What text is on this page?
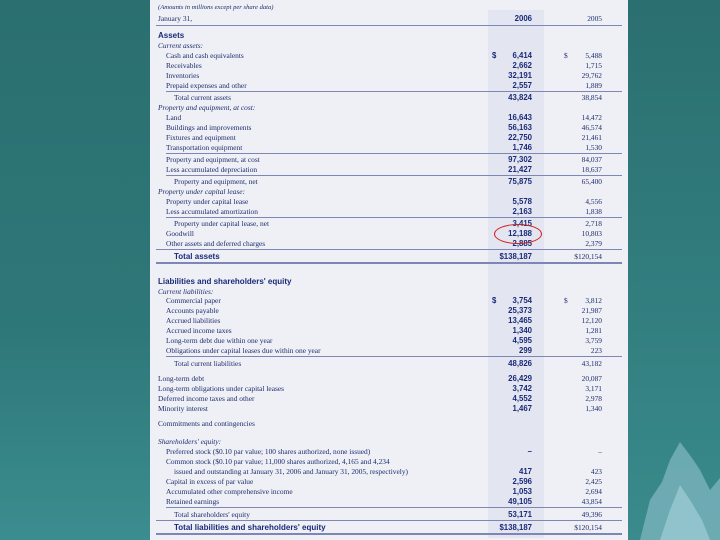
(Amounts in millions except per share data)
January 31,	2006	2005
Assets
Current assets:
Cash and cash equivalents	$ 6,414	$ 5,488
Receivables	2,662	1,715
Inventories	32,191	29,762
Prepaid expenses and other	2,557	1,889
Total current assets	43,824	38,854
Property and equipment, at cost:
Land	16,643	14,472
Buildings and improvements	56,163	46,574
Fixtures and equipment	22,750	21,461
Transportation equipment	1,746	1,530
Property and equipment, at cost	97,302	84,037
Less accumulated depreciation	21,427	18,637
Property and equipment, net	75,875	65,400
Property under capital lease:
Property under capital lease	5,578	4,556
Less accumulated amortization	2,163	1,838
Property under capital lease, net	3,415	2,718
Goodwill	12,188	10,803
Other assets and deferred charges	2,885	2,379
Total assets	$138,187	$120,154
Liabilities and shareholders' equity
Current liabilities:
Commercial paper	$ 3,754	$ 3,812
Accounts payable	25,373	21,987
Accrued liabilities	13,465	12,120
Accrued income taxes	1,340	1,281
Long-term debt due within one year	4,595	3,759
Obligations under capital leases due within one year	299	223
Total current liabilities	48,826	43,182
Long-term debt	26,429	20,087
Long-term obligations under capital leases	3,742	3,171
Deferred income taxes and other	4,552	2,978
Minority interest	1,467	1,340
Commitments and contingencies
Shareholders' equity:
Preferred stock ($0.10 par value; 100 shares authorized, none issued)	–	–
Common stock ($0.10 par value; 11,000 shares authorized, 4,165 and 4,234
issued and outstanding at January 31, 2006 and January 31, 2005, respectively)	417	423
Capital in excess of par value	2,596	2,425
Accumulated other comprehensive income	1,053	2,694
Retained earnings	49,105	43,854
Total shareholders' equity	53,171	49,396
Total liabilities and shareholders' equity	$138,187	$120,154
